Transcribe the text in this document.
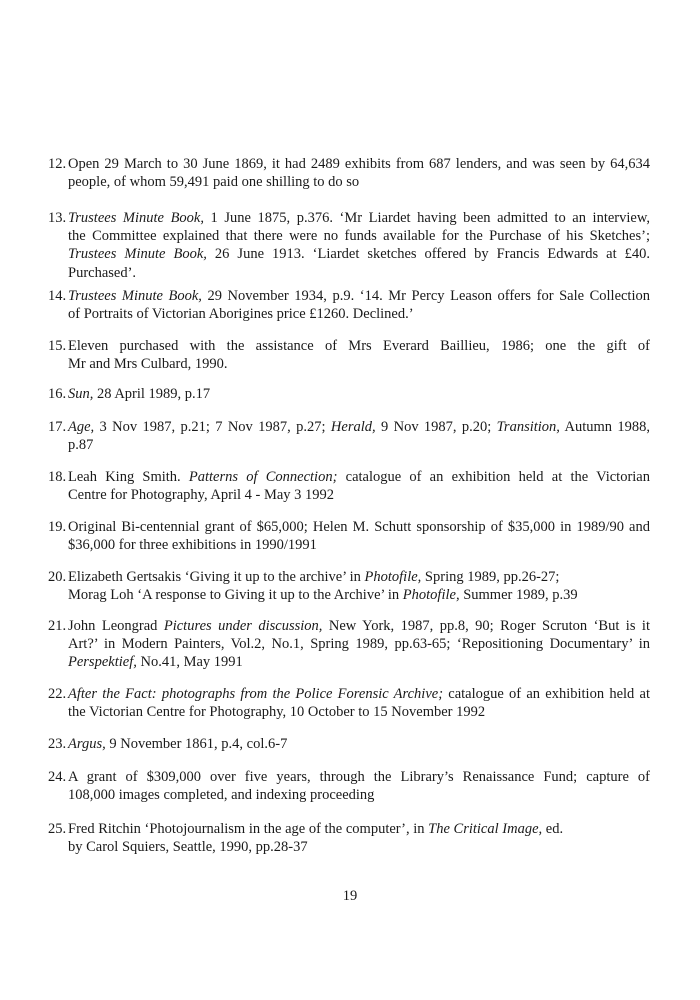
12. Open 29 March to 30 June 1869, it had 2489 exhibits from 687 lenders, and was seen by 64,634
people, of whom 59,491 paid one shilling to do so
13. Trustees Minute Book, 1 June 1875, p.376. ‘Mr Liardet having been admitted to an interview,
the Committee explained that there were no funds available for the Purchase of his Sketches’;
Trustees Minute Book, 26 June 1913. ‘Liardet sketches offered by Francis Edwards at £40.
Purchased’.
14. Trustees Minute Book, 29 November 1934, p.9. ‘14. Mr Percy Leason offers for Sale Collection
of Portraits of Victorian Aborigines price £1260. Declined.’
15. Eleven purchased with the assistance of Mrs Everard Baillieu, 1986; one the gift of
Mr and Mrs Culbard, 1990.
16. Sun, 28 April 1989, p.17
17. Age, 3 Nov 1987, p.21; 7 Nov 1987, p.27; Herald, 9 Nov 1987, p.20; Transition, Autumn 1988,
p.87
18. Leah King Smith. Patterns of Connection; catalogue of an exhibition held at the Victorian
Centre for Photography, April 4 - May 3 1992
19. Original Bi-centennial grant of $65,000; Helen M. Schutt sponsorship of $35,000 in 1989/90 and
$36,000 for three exhibitions in 1990/1991
20. Elizabeth Gertsakis ‘Giving it up to the archive’ in Photofile, Spring 1989, pp.26-27;
Morag Loh ‘A response to Giving it up to the Archive’ in Photofile, Summer 1989, p.39
21. John Leongrad Pictures under discussion, New York, 1987, pp.8, 90; Roger Scruton ‘But is it
Art?’ in Modern Painters, Vol.2, No.1, Spring 1989, pp.63-65; ‘Repositioning Documentary’ in
Perspektief, No.41, May 1991
22. After the Fact: photographs from the Police Forensic Archive; catalogue of an exhibition held at
the Victorian Centre for Photography, 10 October to 15 November 1992
23. Argus, 9 November 1861, p.4, col.6-7
24. A grant of $309,000 over five years, through the Library’s Renaissance Fund; capture of
108,000 images completed, and indexing proceeding
25. Fred Ritchin ‘Photojournalism in the age of the computer’, in The Critical Image, ed.
by Carol Squiers, Seattle, 1990, pp.28-37
19
